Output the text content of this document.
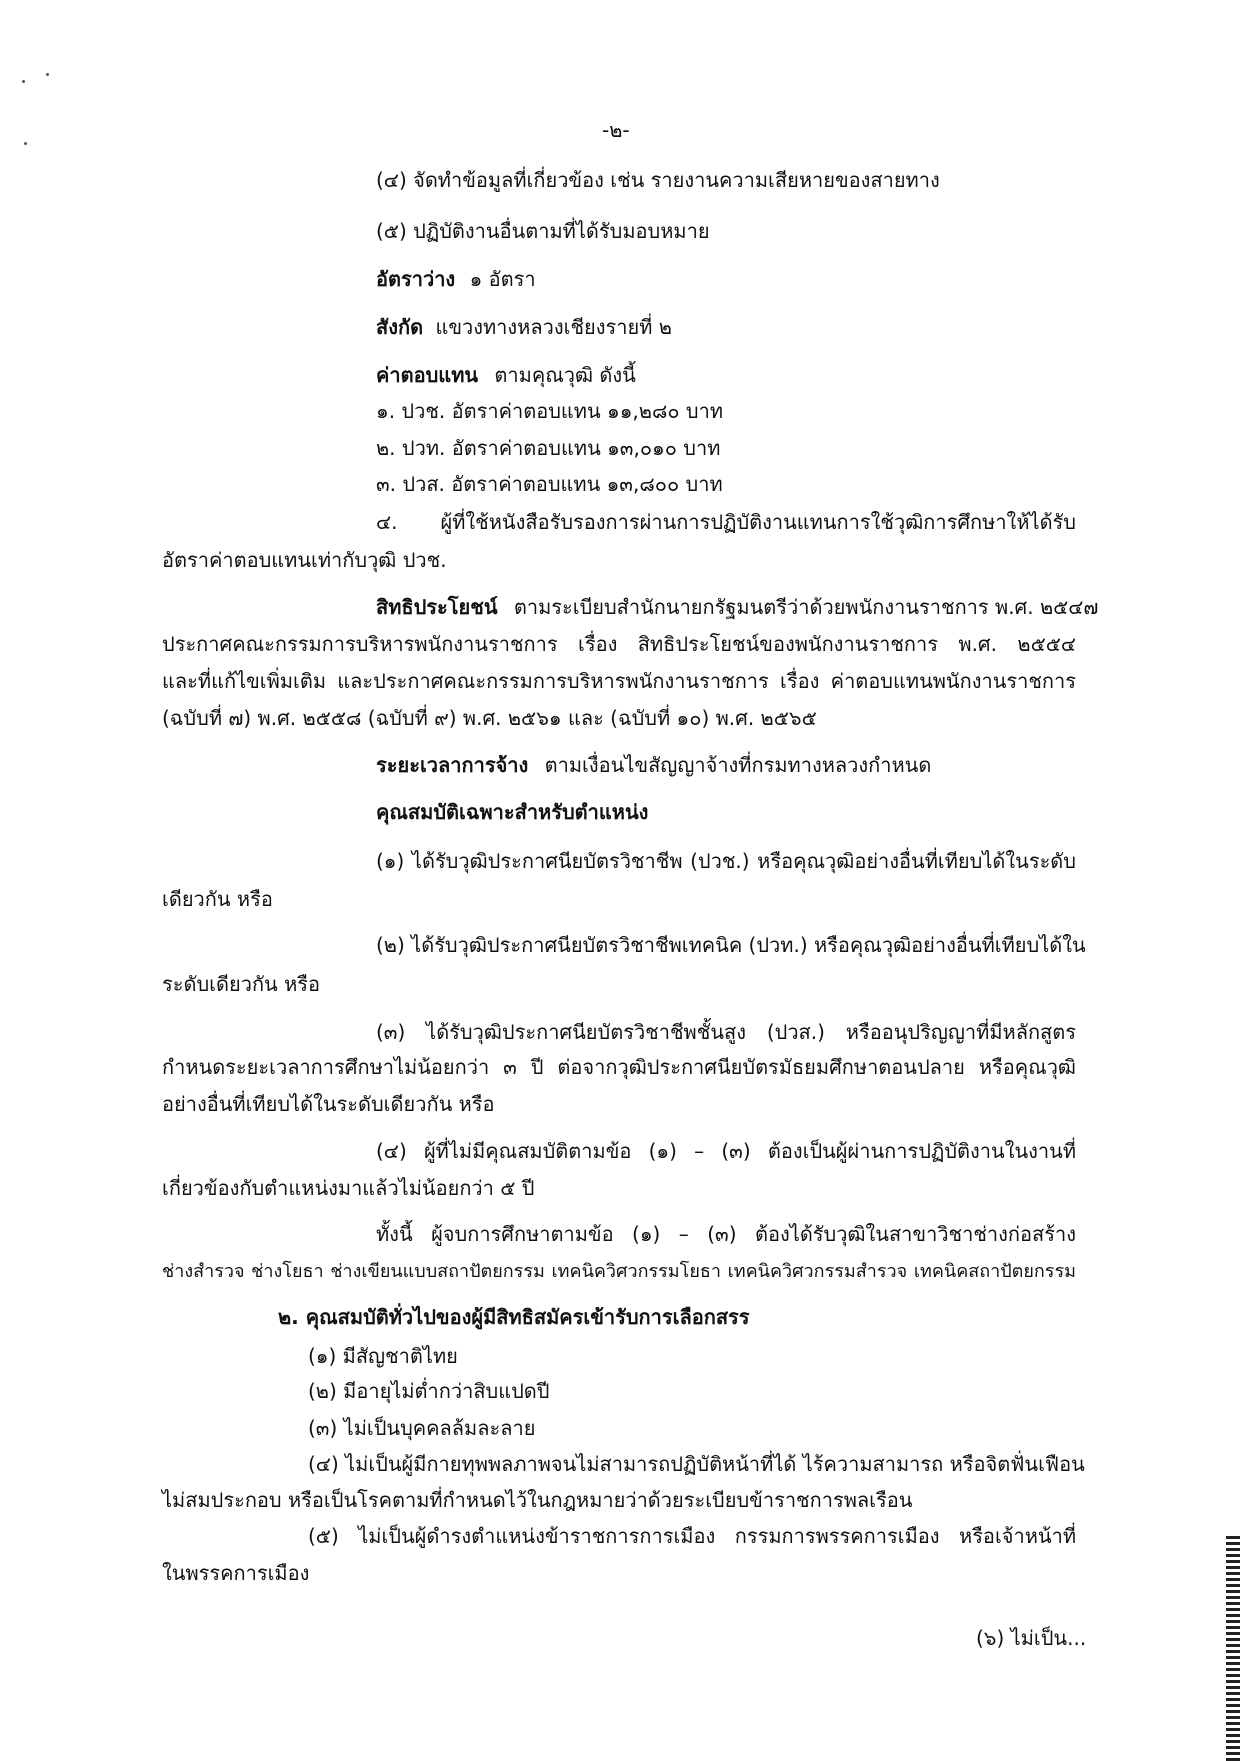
-๒-
(๔) จัดทำข้อมูลที่เกี่ยวข้อง เช่น รายงานความเสียหายของสายทาง
(๕) ปฏิบัติงานอื่นตามที่ได้รับมอบหมาย
อัตราว่าง ๑ อัตรา
สังกัด แขวงทางหลวงเชียงรายที่ ๒
ค่าตอบแทน ตามคุณวุฒิ ดังนี้
๑. ปวช. อัตราค่าตอบแทน ๑๑,๒๘๐ บาท
๒. ปวท. อัตราค่าตอบแทน ๑๓,๐๑๐ บาท
๓. ปวส. อัตราค่าตอบแทน ๑๓,๘๐๐ บาท
๔. ผู้ที่ใช้หนังสือรับรองการผ่านการปฏิบัติงานแทนการใช้วุฒิการศึกษาให้ได้รับ
อัตราค่าตอบแทนเท่ากับวุฒิ ปวช.
สิทธิประโยชน์ ตามระเบียบสำนักนายกรัฐมนตรีว่าด้วยพนักงานราชการ พ.ศ. ๒๕๔๗
ประกาศคณะกรรมการบริหารพนักงานราชการ เรื่อง สิทธิประโยชน์ของพนักงานราชการ พ.ศ. ๒๕๕๔
และที่แก้ไขเพิ่มเติม และประกาศคณะกรรมการบริหารพนักงานราชการ เรื่อง ค่าตอบแทนพนักงานราชการ
(ฉบับที่ ๗) พ.ศ. ๒๕๕๘ (ฉบับที่ ๙) พ.ศ. ๒๕๖๑ และ (ฉบับที่ ๑๐) พ.ศ. ๒๕๖๕
ระยะเวลาการจ้าง ตามเงื่อนไขสัญญาจ้างที่กรมทางหลวงกำหนด
คุณสมบัติเฉพาะสำหรับตำแหน่ง
(๑) ได้รับวุฒิประกาศนียบัตรวิชาชีพ (ปวช.) หรือคุณวุฒิอย่างอื่นที่เทียบได้ในระดับ
เดียวกัน หรือ
(๒) ได้รับวุฒิประกาศนียบัตรวิชาชีพเทคนิค (ปวท.) หรือคุณวุฒิอย่างอื่นที่เทียบได้ใน
ระดับเดียวกัน หรือ
(๓) ได้รับวุฒิประกาศนียบัตรวิชาชีพชั้นสูง (ปวส.) หรืออนุปริญญาที่มีหลักสูตร
กำหนดระยะเวลาการศึกษาไม่น้อยกว่า ๓ ปี ต่อจากวุฒิประกาศนียบัตรมัธยมศึกษาตอนปลาย หรือคุณวุฒิ
อย่างอื่นที่เทียบได้ในระดับเดียวกัน หรือ
(๔) ผู้ที่ไม่มีคุณสมบัติตามข้อ (๑) – (๓) ต้องเป็นผู้ผ่านการปฏิบัติงานในงานที่
เกี่ยวข้องกับตำแหน่งมาแล้วไม่น้อยกว่า ๕ ปี
ทั้งนี้ ผู้จบการศึกษาตามข้อ (๑) – (๓) ต้องได้รับวุฒิในสาขาวิชาช่างก่อสร้าง
ช่างสำรวจ ช่างโยธา ช่างเขียนแบบสถาปัตยกรรม เทคนิควิศวกรรมโยธา เทคนิควิศวกรรมสำรวจ เทคนิคสถาปัตยกรรม
๒. คุณสมบัติทั่วไปของผู้มีสิทธิสมัครเข้ารับการเลือกสรร
(๑) มีสัญชาติไทย
(๒) มีอายุไม่ต่ำกว่าสิบแปดปี
(๓) ไม่เป็นบุคคลล้มละลาย
(๔) ไม่เป็นผู้มีกายทุพพลภาพจนไม่สามารถปฏิบัติหน้าที่ได้ ไร้ความสามารถ หรือจิตฟั่นเฟือน
ไม่สมประกอบ หรือเป็นโรคตามที่กำหนดไว้ในกฎหมายว่าด้วยระเบียบข้าราชการพลเรือน
(๕) ไม่เป็นผู้ดำรงตำแหน่งข้าราชการการเมือง กรรมการพรรคการเมือง หรือเจ้าหน้าที่
ในพรรคการเมือง
(๖) ไม่เป็น...
